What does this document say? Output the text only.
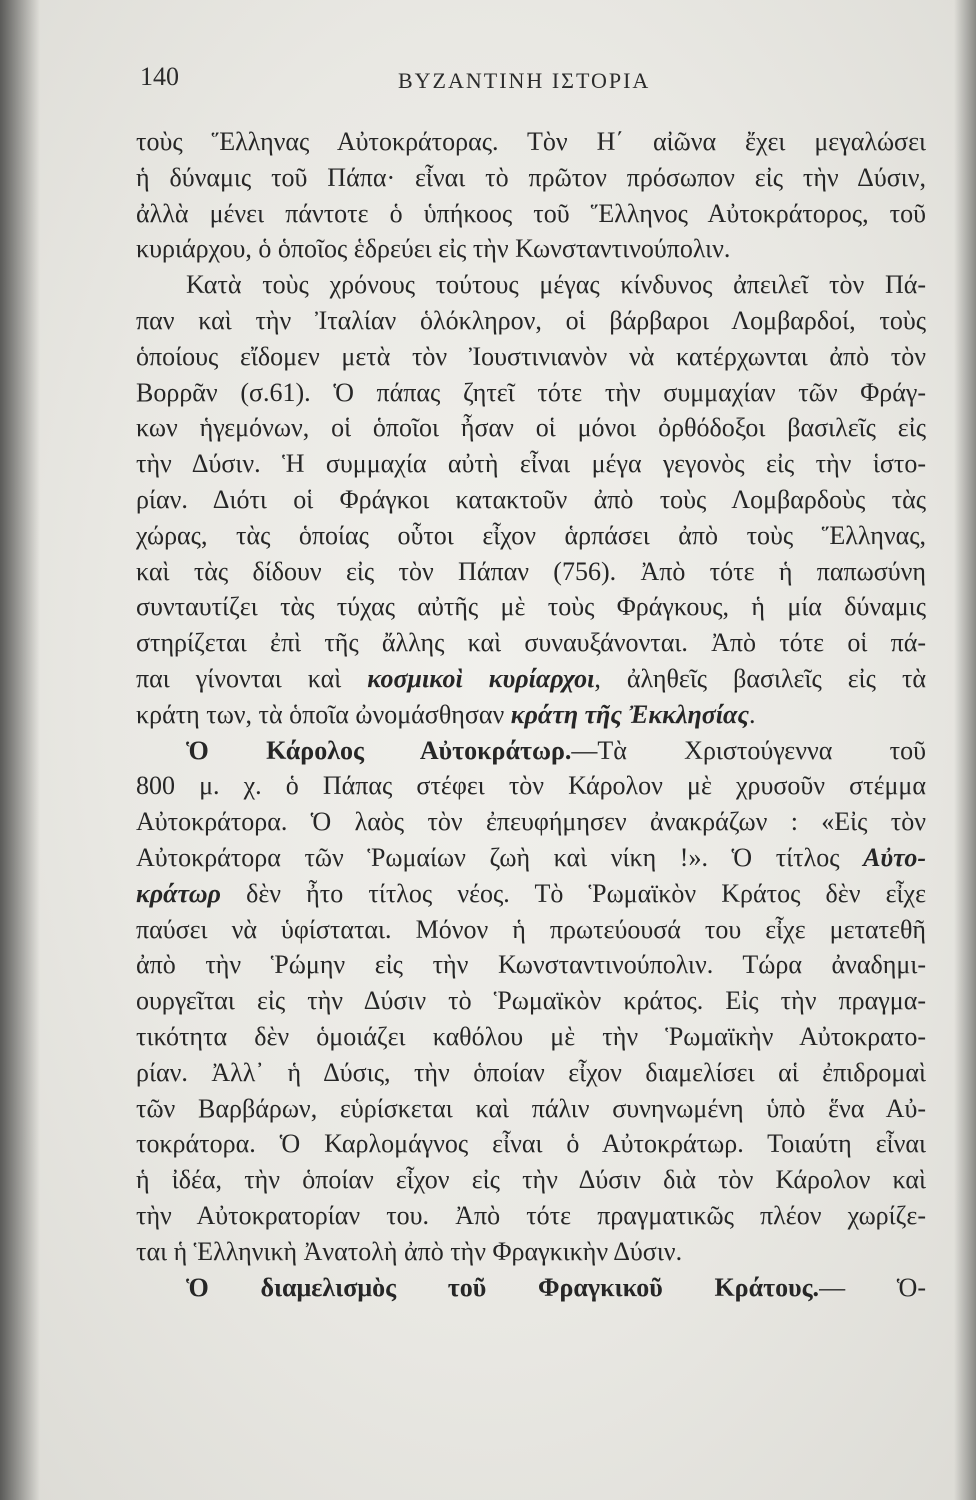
140	ΒΥΖΑΝΤΙΝΗ ΙΣΤΟΡΙΑ
τοὺς Ἕλληνας Αὐτοκράτορας. Τὸν Η΄ αἰῶνα ἔχει μεγαλώσει
ἡ δύναμις τοῦ Πάπα· εἶναι τὸ πρῶτον πρόσωπον εἰς τὴν Δύσιν,
ἀλλὰ μένει πάντοτε ὁ ὑπήκοος τοῦ Ἕλληνος Αὐτοκράτορος, τοῦ
κυριάρχου, ὁ ὁποῖος ἑδρεύει εἰς τὴν Κωνσταντινούπολιν.
Κατὰ τοὺς χρόνους τούτους μέγας κίνδυνος ἀπειλεῖ τὸν Πά-
παν καὶ τὴν Ἰταλίαν ὁλόκληρον, οἱ βάρβαροι Λομβαρδοί, τοὺς
ὁποίους εἴδομεν μετὰ τὸν Ἰουστινιανὸν νὰ κατέρχωνται ἀπὸ τὸν
Βορρᾶν (σ.61). Ὁ πάπας ζητεῖ τότε τὴν συμμαχίαν τῶν Φράγ-
κων ἡγεμόνων, οἱ ὁποῖοι ἦσαν οἱ μόνοι ὀρθόδοξοι βασιλεῖς εἰς
τὴν Δύσιν. Ἡ συμμαχία αὐτὴ εἶναι μέγα γεγονὸς εἰς τὴν ἱστο-
ρίαν. Διότι οἱ Φράγκοι κατακτοῦν ἀπὸ τοὺς Λομβαρδοὺς τὰς
χώρας, τὰς ὁποίας οὗτοι εἶχον ἁρπάσει ἀπὸ τοὺς Ἕλληνας,
καὶ τὰς δίδουν εἰς τὸν Πάπαν (756). Ἀπὸ τότε ἡ παπωσύνη
συνταυτίζει τὰς τύχας αὐτῆς μὲ τοὺς Φράγκους, ἡ μία δύναμις
στηρίζεται ἐπὶ τῆς ἄλλης καὶ συναυξάνονται. Ἀπὸ τότε οἱ πά-
παι γίνονται καὶ κοσμικοὶ κυρίαρχοι, ἀληθεῖς βασιλεῖς εἰς τὰ
κράτη των, τὰ ὁποῖα ὠνομάσθησαν κράτη τῆς Ἐκκλησίας.
Ὁ Κάρολος Αὐτοκράτωρ.—Τὰ Χριστούγεννα τοῦ
800 μ. χ. ὁ Πάπας στέφει τὸν Κάρολον μὲ χρυσοῦν στέμμα
Αὐτοκράτορα. Ὁ λαὸς τὸν ἐπευφήμησεν ἀνακράζων : «Εἰς τὸν
Αὐτοκράτορα τῶν Ῥωμαίων ζωὴ καὶ νίκη !». Ὁ τίτλος Αὐτο-
κράτωρ δὲν ἦτο τίτλος νέος. Τὸ Ῥωμαϊκὸν Κράτος δὲν εἶχε
παύσει νὰ ὑφίσταται. Μόνον ἡ πρωτεύουσά του εἶχε μετατεθῆ
ἀπὸ τὴν Ῥώμην εἰς τὴν Κωνσταντινούπολιν. Τώρα ἀναδημι-
ουργεῖται εἰς τὴν Δύσιν τὸ Ῥωμαϊκὸν κράτος. Εἰς τὴν πραγμα-
τικότητα δὲν ὁμοιάζει καθόλου μὲ τὴν Ῥωμαϊκὴν Αὐτοκρατο-
ρίαν. Ἀλλ᾽ ἡ Δύσις, τὴν ὁποίαν εἶχον διαμελίσει αἱ ἐπιδρομαὶ
τῶν Βαρβάρων, εὑρίσκεται καὶ πάλιν συνηνωμένη ὑπὸ ἕνα Αὐ-
τοκράτορα. Ὁ Καρλομάγνος εἶναι ὁ Αὐτοκράτωρ. Τοιαύτη εἶναι
ἡ ἰδέα, τὴν ὁποίαν εἶχον εἰς τὴν Δύσιν διὰ τὸν Κάρολον καὶ
τὴν Αὐτοκρατορίαν του. Ἀπὸ τότε πραγματικῶς πλέον χωρίζε-
ται ἡ Ἑλληνικὴ Ἀνατολὴ ἀπὸ τὴν Φραγκικὴν Δύσιν.
Ὁ διαμελισμὸς τοῦ Φραγκικοῦ Κράτους.— Ὁ-
